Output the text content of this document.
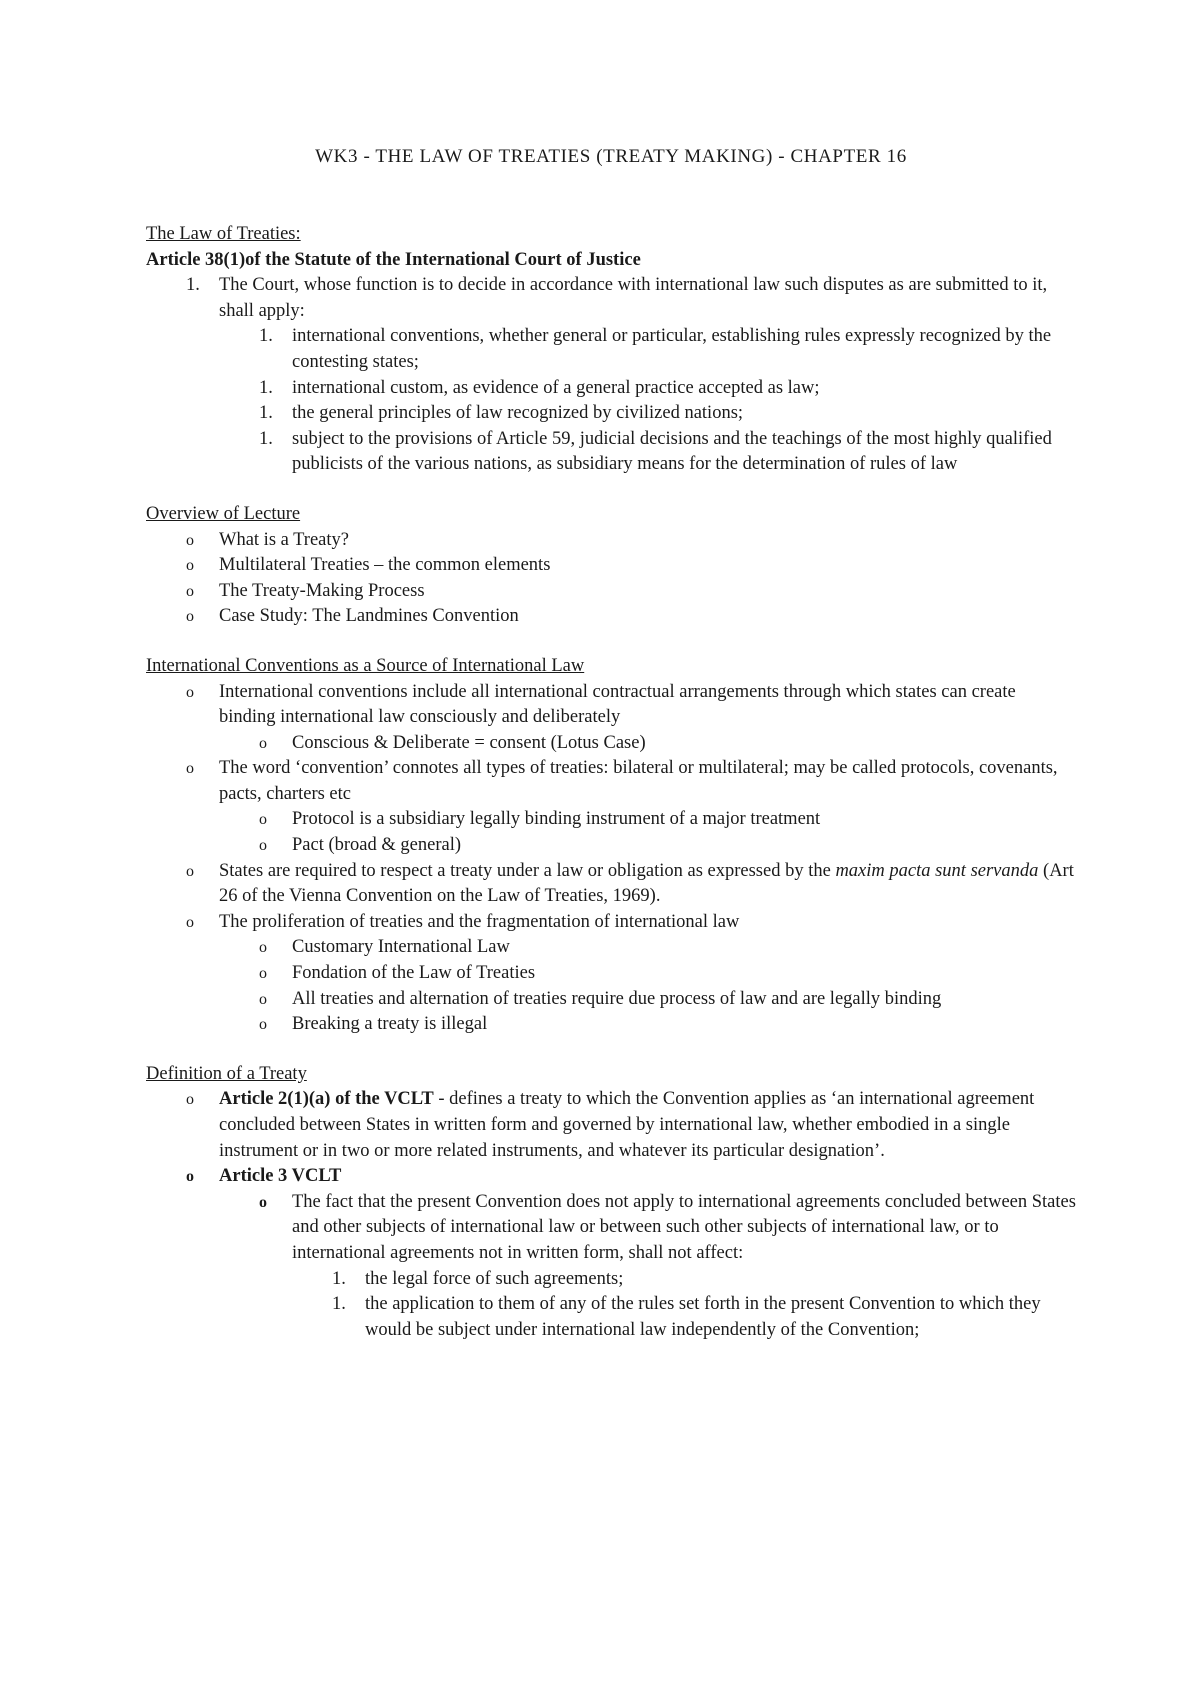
WK3 - THE LAW OF TREATIES (TREATY MAKING) - CHAPTER 16

The Law of Treaties:

Article 38(1)of the Statute of the International Court of Justice

1. The Court, whose function is to decide in accordance with international law such disputes as are submitted to it, shall apply:
1. international conventions, whether general or particular, establishing rules expressly recognized by the contesting states;
1. international custom, as evidence of a general practice accepted as law;
1. the general principles of law recognized by civilized nations;
1. subject to the provisions of Article 59, judicial decisions and the teachings of the most highly qualified publicists of the various nations, as subsidiary means for the determination of rules of law

Overview of Lecture

o What is a Treaty?
o Multilateral Treaties – the common elements
o The Treaty-Making Process
o Case Study: The Landmines Convention

International Conventions as a Source of International Law

o International conventions include all international contractual arrangements through which states can create binding international law consciously and deliberately
o Conscious & Deliberate = consent (Lotus Case)
o The word ‘convention’ connotes all types of treaties: bilateral or multilateral; may be called protocols, covenants, pacts, charters etc
o Protocol is a subsidiary legally binding instrument of a major treatment
o Pact (broad & general)
o States are required to respect a treaty under a law or obligation as expressed by the maxim pacta sunt servanda (Art 26 of the Vienna Convention on the Law of Treaties, 1969).
o The proliferation of treaties and the fragmentation of international law
o Customary International Law
o Fondation of the Law of Treaties
o All treaties and alternation of treaties require due process of law and are legally binding
o Breaking a treaty is illegal

Definition of a Treaty

o Article 2(1)(a) of the VCLT - defines a treaty to which the Convention applies as ‘an international agreement concluded between States in written form and governed by international law, whether embodied in a single instrument or in two or more related instruments, and whatever its particular designation’.
o Article 3 VCLT
o The fact that the present Convention does not apply to international agreements concluded between States and other subjects of international law or between such other subjects of international law, or to international agreements not in written form, shall not affect:
1. the legal force of such agreements;
1. the application to them of any of the rules set forth in the present Convention to which they would be subject under international law independently of the Convention;
